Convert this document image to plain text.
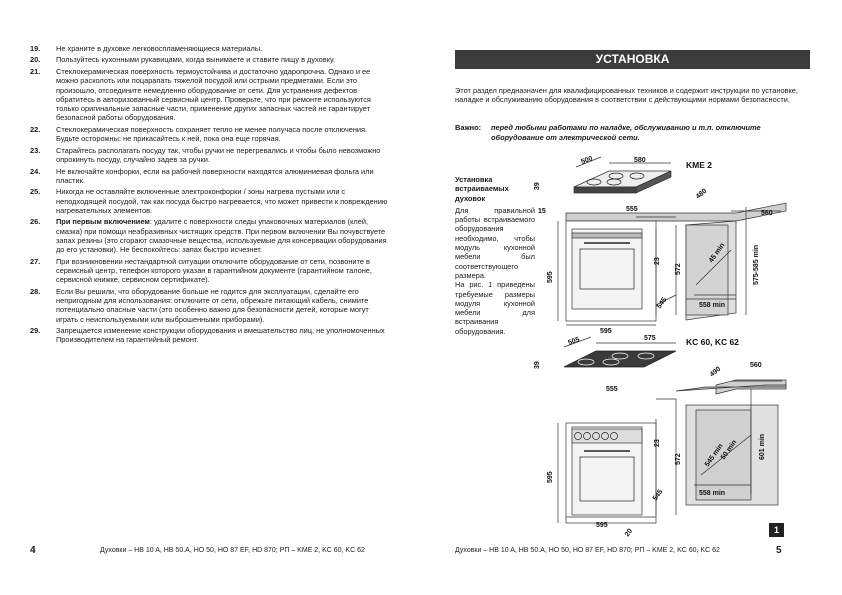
19.	Не храните в духовке легковоспламеняющиеся материалы.
20.	Пользуйтесь кухонными рукавицами, когда вынимаете и ставите пищу в духовку.
21.	Стеклокерамическая поверхность термоустойчива и достаточно ударопрочна. Однако и ее можно расколоть или поцарапать тяжелой посудой или острыми предметами. Если это произошло, отсоедините немедленно оборудование от сети. Для устранения дефектов обратитесь в авторизованный сервисный центр. Проверьте, что при ремонте используются только оригинальные запасные части, применение других запасных частей не гарантирует безопасной работы оборудования.
22.	Стеклокерамическая поверхность сохраняет тепло не менее получаса после отключения. Будьте осторожны: не прикасайтесь к ней, пока она еще горячая.
23.	Старайтесь располагать посуду так, чтобы ручки не перегревались и чтобы было невозможно опрокинуть посуду, случайно задев за ручки.
24.	Не включайте конфорки, если на рабочей поверхности находятся алюминиевая фольга или пластик.
25.	Никогда не оставляйте включенные электроконфорки / зоны нагрева пустыми или с неподходящей посудой, так как посуда быстро нагревается, что может привести к повреждению нагревательных элементов.
26.	При первым включением: удалите с поверхности следы упаковочных материалов (клей, смазка) при помощи неабразивных чистящих средств. При первом включении Вы почувствуете запах резины (это сгорают смазочные вещества, используемые для консервации оборудования до его установки). Не беспокойтесь: запах быстро исчезнет.
27.	При возникновении нестандартной ситуации отключите оборудование от сети, позвоните в сервисный центр, телефон которого указан в гарантийном документе (гарантийном талоне, сервисной книжке, сервисном сертификате).
28.	Если Вы решили, что оборудование больше не годится для эксплуатации, сделайте его непригодным для использования: отключите от сети, обрежьте питающий кабель, снимите потенциально опасные части (это особенно важно для безопасности детей, которые могут играть с неиспользуемыми или выброшенными приборами).
29.	Запрещается изменение конструкции оборудования и вмешательство лиц, не уполномоченных Производителем на гарантийный ремонт.
4	Духовки – HB 10 A, HB 50.A, HO 50, HO 87 EF, HD 870; РП – KME 2, KC 60, KC 62
УСТАНОВКА
Этот раздел предназначен для квалифицированных техников и содержит инструкции по установке, наладке и обслуживанию оборудования в соответствии с действующими нормами безопасности.
Важно:	перед любыми работами по наладке, обслуживанию и т.п. отключите оборудование от электрической сети.
Установка встраиваемых духовок
Для правильной работы встраиваемого оборудования необходимо, чтобы модуль кухонной мебели был соответствующего размера.
На рис. 1 приведены требуемые размеры модуля кухонной мебели для встраивания оборудования.
KME 2
580
500
39
15
480
560
555
23
572
595
545
595
45 min
558 min
575-585 min
KC 60, KC 62
575
505
39
490
560
555
23
572
595
545
595
20
50 min
545 min
558 min
601 min
1
Духовки – HB 10 A, HB 50.A, HO 50, HO 87 EF, HD 870; РП – KME 2, KC 60, KC 62	5
